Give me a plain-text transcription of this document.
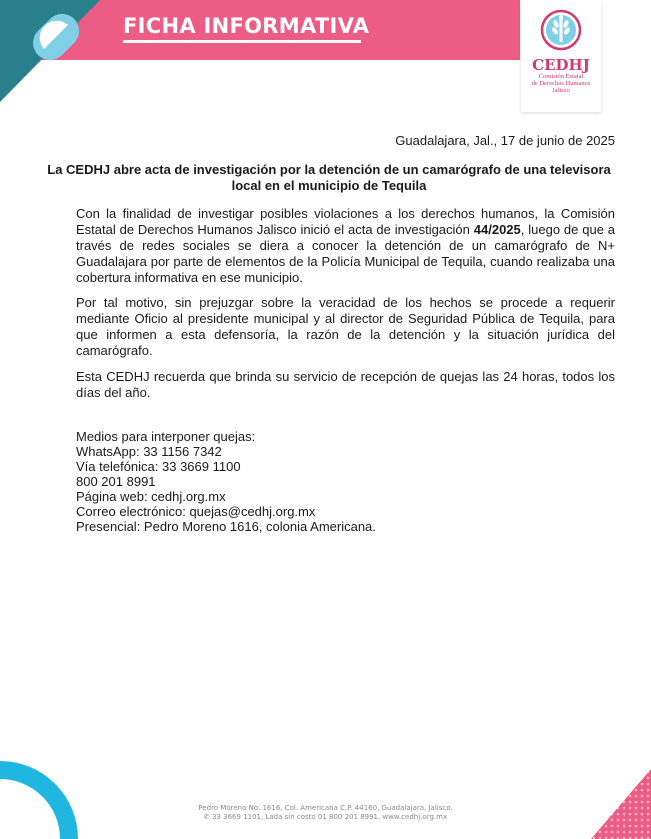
FICHA INFORMATIVA
CEDHJ
Comisión Estatal
de Derechos Humanos
Jalisco
Guadalajara, Jal., 17 de junio de 2025

La CEDHJ abre acta de investigación por la detención de un camarógrafo de una televisora local en el municipio de Tequila

Con la finalidad de investigar posibles violaciones a los derechos humanos, la Comisión Estatal de Derechos Humanos Jalisco inició el acta de investigación 44/2025, luego de que a través de redes sociales se diera a conocer la detención de un camarógrafo de N+ Guadalajara por parte de elementos de la Policía Municipal de Tequila, cuando realizaba una cobertura informativa en ese municipio.

Por tal motivo, sin prejuzgar sobre la veracidad de los hechos se procede a requerir mediante Oficio al presidente municipal y al director de Seguridad Pública de Tequila, para que informen a esta defensoría, la razón de la detención y la situación jurídica del camarógrafo.

Esta CEDHJ recuerda que brinda su servicio de recepción de quejas las 24 horas, todos los días del año.

Medios para interponer quejas:
WhatsApp: 33 1156 7342
Vía telefónica: 33 3669 1100
800 201 8991
Página web: cedhj.org.mx
Correo electrónico: quejas@cedhj.org.mx
Presencial: Pedro Moreno 1616, colonia Americana.
Pedro Moreno No. 1616, Col. Americana C.P. 44160, Guadalajara, Jalisco.
✆ 33 3669 1101, Lada sin costo 01 800 201 8991. www.cedhj.org.mx
